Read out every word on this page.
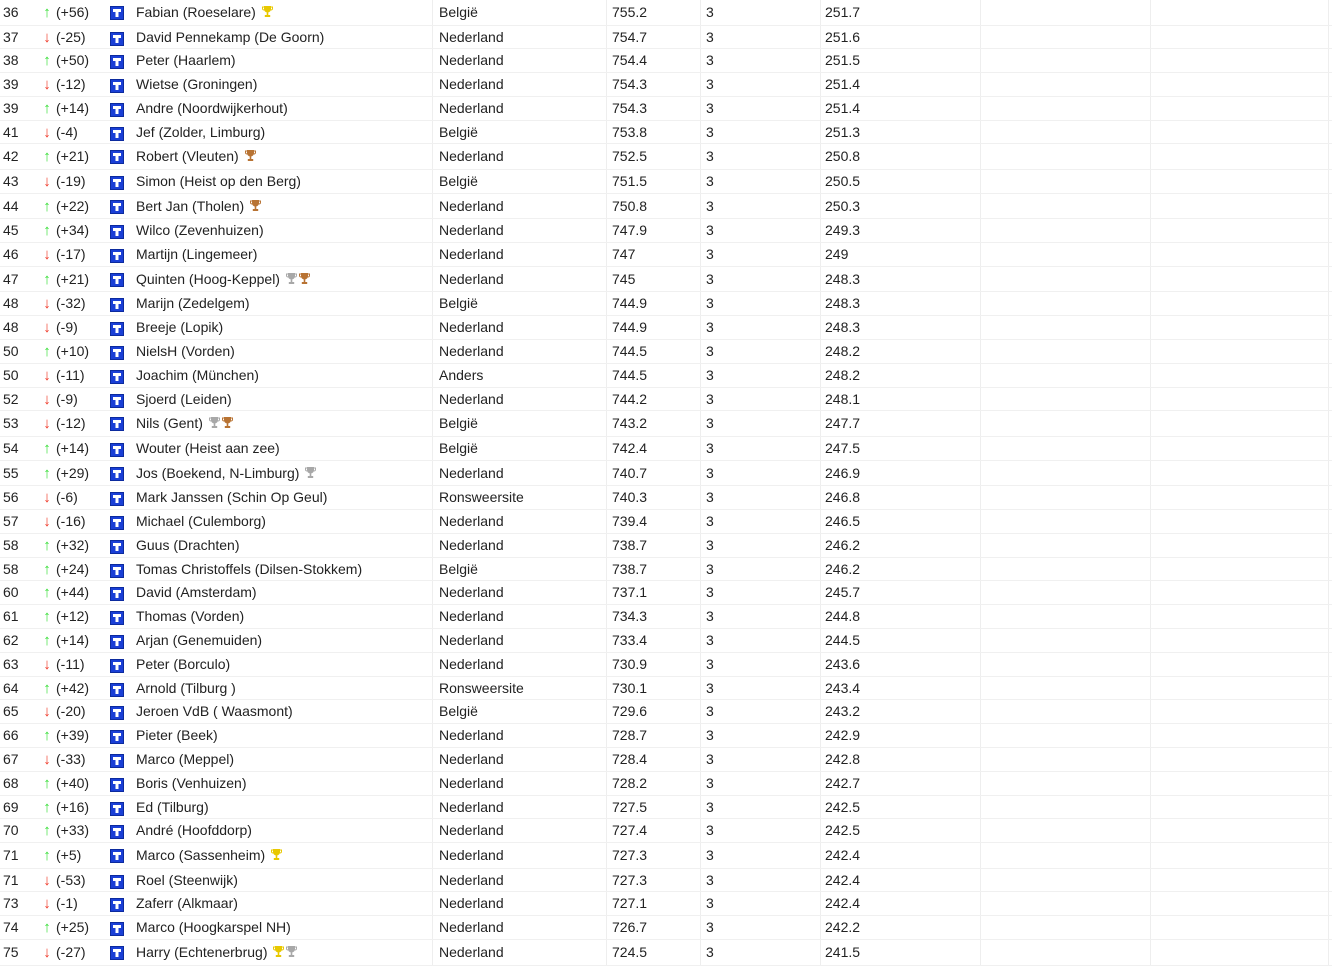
36 ↑ (+56)	Fabian (Roeselare)	België	755.2	3	251.7
37 ↓ (-25)	David Pennekamp (De Goorn)	Nederland	754.7	3	251.6
38 ↑ (+50)	Peter (Haarlem)	Nederland	754.4	3	251.5
39 ↓ (-12)	Wietse (Groningen)	Nederland	754.3	3	251.4
39 ↑ (+14)	Andre (Noordwijkerhout)	Nederland	754.3	3	251.4
41 ↓ (-4)	Jef (Zolder, Limburg)	België	753.8	3	251.3
42 ↑ (+21)	Robert (Vleuten)	Nederland	752.5	3	250.8
43 ↓ (-19)	Simon (Heist op den Berg)	België	751.5	3	250.5
44 ↑ (+22)	Bert Jan (Tholen)	Nederland	750.8	3	250.3
45 ↑ (+34)	Wilco (Zevenhuizen)	Nederland	747.9	3	249.3
46 ↓ (-17)	Martijn (Lingemeer)	Nederland	747	3	249
47 ↑ (+21)	Quinten (Hoog-Keppel)	Nederland	745	3	248.3
48 ↓ (-32)	Marijn (Zedelgem)	België	744.9	3	248.3
48 ↓ (-9)	Breeje (Lopik)	Nederland	744.9	3	248.3
50 ↑ (+10)	NielsH (Vorden)	Nederland	744.5	3	248.2
50 ↓ (-11)	Joachim (München)	Anders	744.5	3	248.2
52 ↓ (-9)	Sjoerd (Leiden)	Nederland	744.2	3	248.1
53 ↓ (-12)	Nils (Gent)	België	743.2	3	247.7
54 ↑ (+14)	Wouter (Heist aan zee)	België	742.4	3	247.5
55 ↑ (+29)	Jos (Boekend, N-Limburg)	Nederland	740.7	3	246.9
56 ↓ (-6)	Mark Janssen (Schin Op Geul)	Ronsweersite	740.3	3	246.8
57 ↓ (-16)	Michael (Culemborg)	Nederland	739.4	3	246.5
58 ↑ (+32)	Guus (Drachten)	Nederland	738.7	3	246.2
58 ↑ (+24)	Tomas Christoffels (Dilsen-Stokkem)	België	738.7	3	246.2
60 ↑ (+44)	David (Amsterdam)	Nederland	737.1	3	245.7
61 ↑ (+12)	Thomas (Vorden)	Nederland	734.3	3	244.8
62 ↑ (+14)	Arjan (Genemuiden)	Nederland	733.4	3	244.5
63 ↓ (-11)	Peter (Borculo)	Nederland	730.9	3	243.6
64 ↑ (+42)	Arnold (Tilburg )	Ronsweersite	730.1	3	243.4
65 ↓ (-20)	Jeroen VdB ( Waasmont)	België	729.6	3	243.2
66 ↑ (+39)	Pieter (Beek)	Nederland	728.7	3	242.9
67 ↓ (-33)	Marco (Meppel)	Nederland	728.4	3	242.8
68 ↑ (+40)	Boris (Venhuizen)	Nederland	728.2	3	242.7
69 ↑ (+16)	Ed (Tilburg)	Nederland	727.5	3	242.5
70 ↑ (+33)	André (Hoofddorp)	Nederland	727.4	3	242.5
71 ↑ (+5)	Marco (Sassenheim)	Nederland	727.3	3	242.4
71 ↓ (-53)	Roel (Steenwijk)	Nederland	727.3	3	242.4
73 ↓ (-1)	Zaferr (Alkmaar)	Nederland	727.1	3	242.4
74 ↑ (+25)	Marco (Hoogkarspel NH)	Nederland	726.7	3	242.2
75 ↓ (-27)	Harry (Echtenerbrug)	Nederland	724.5	3	241.5
